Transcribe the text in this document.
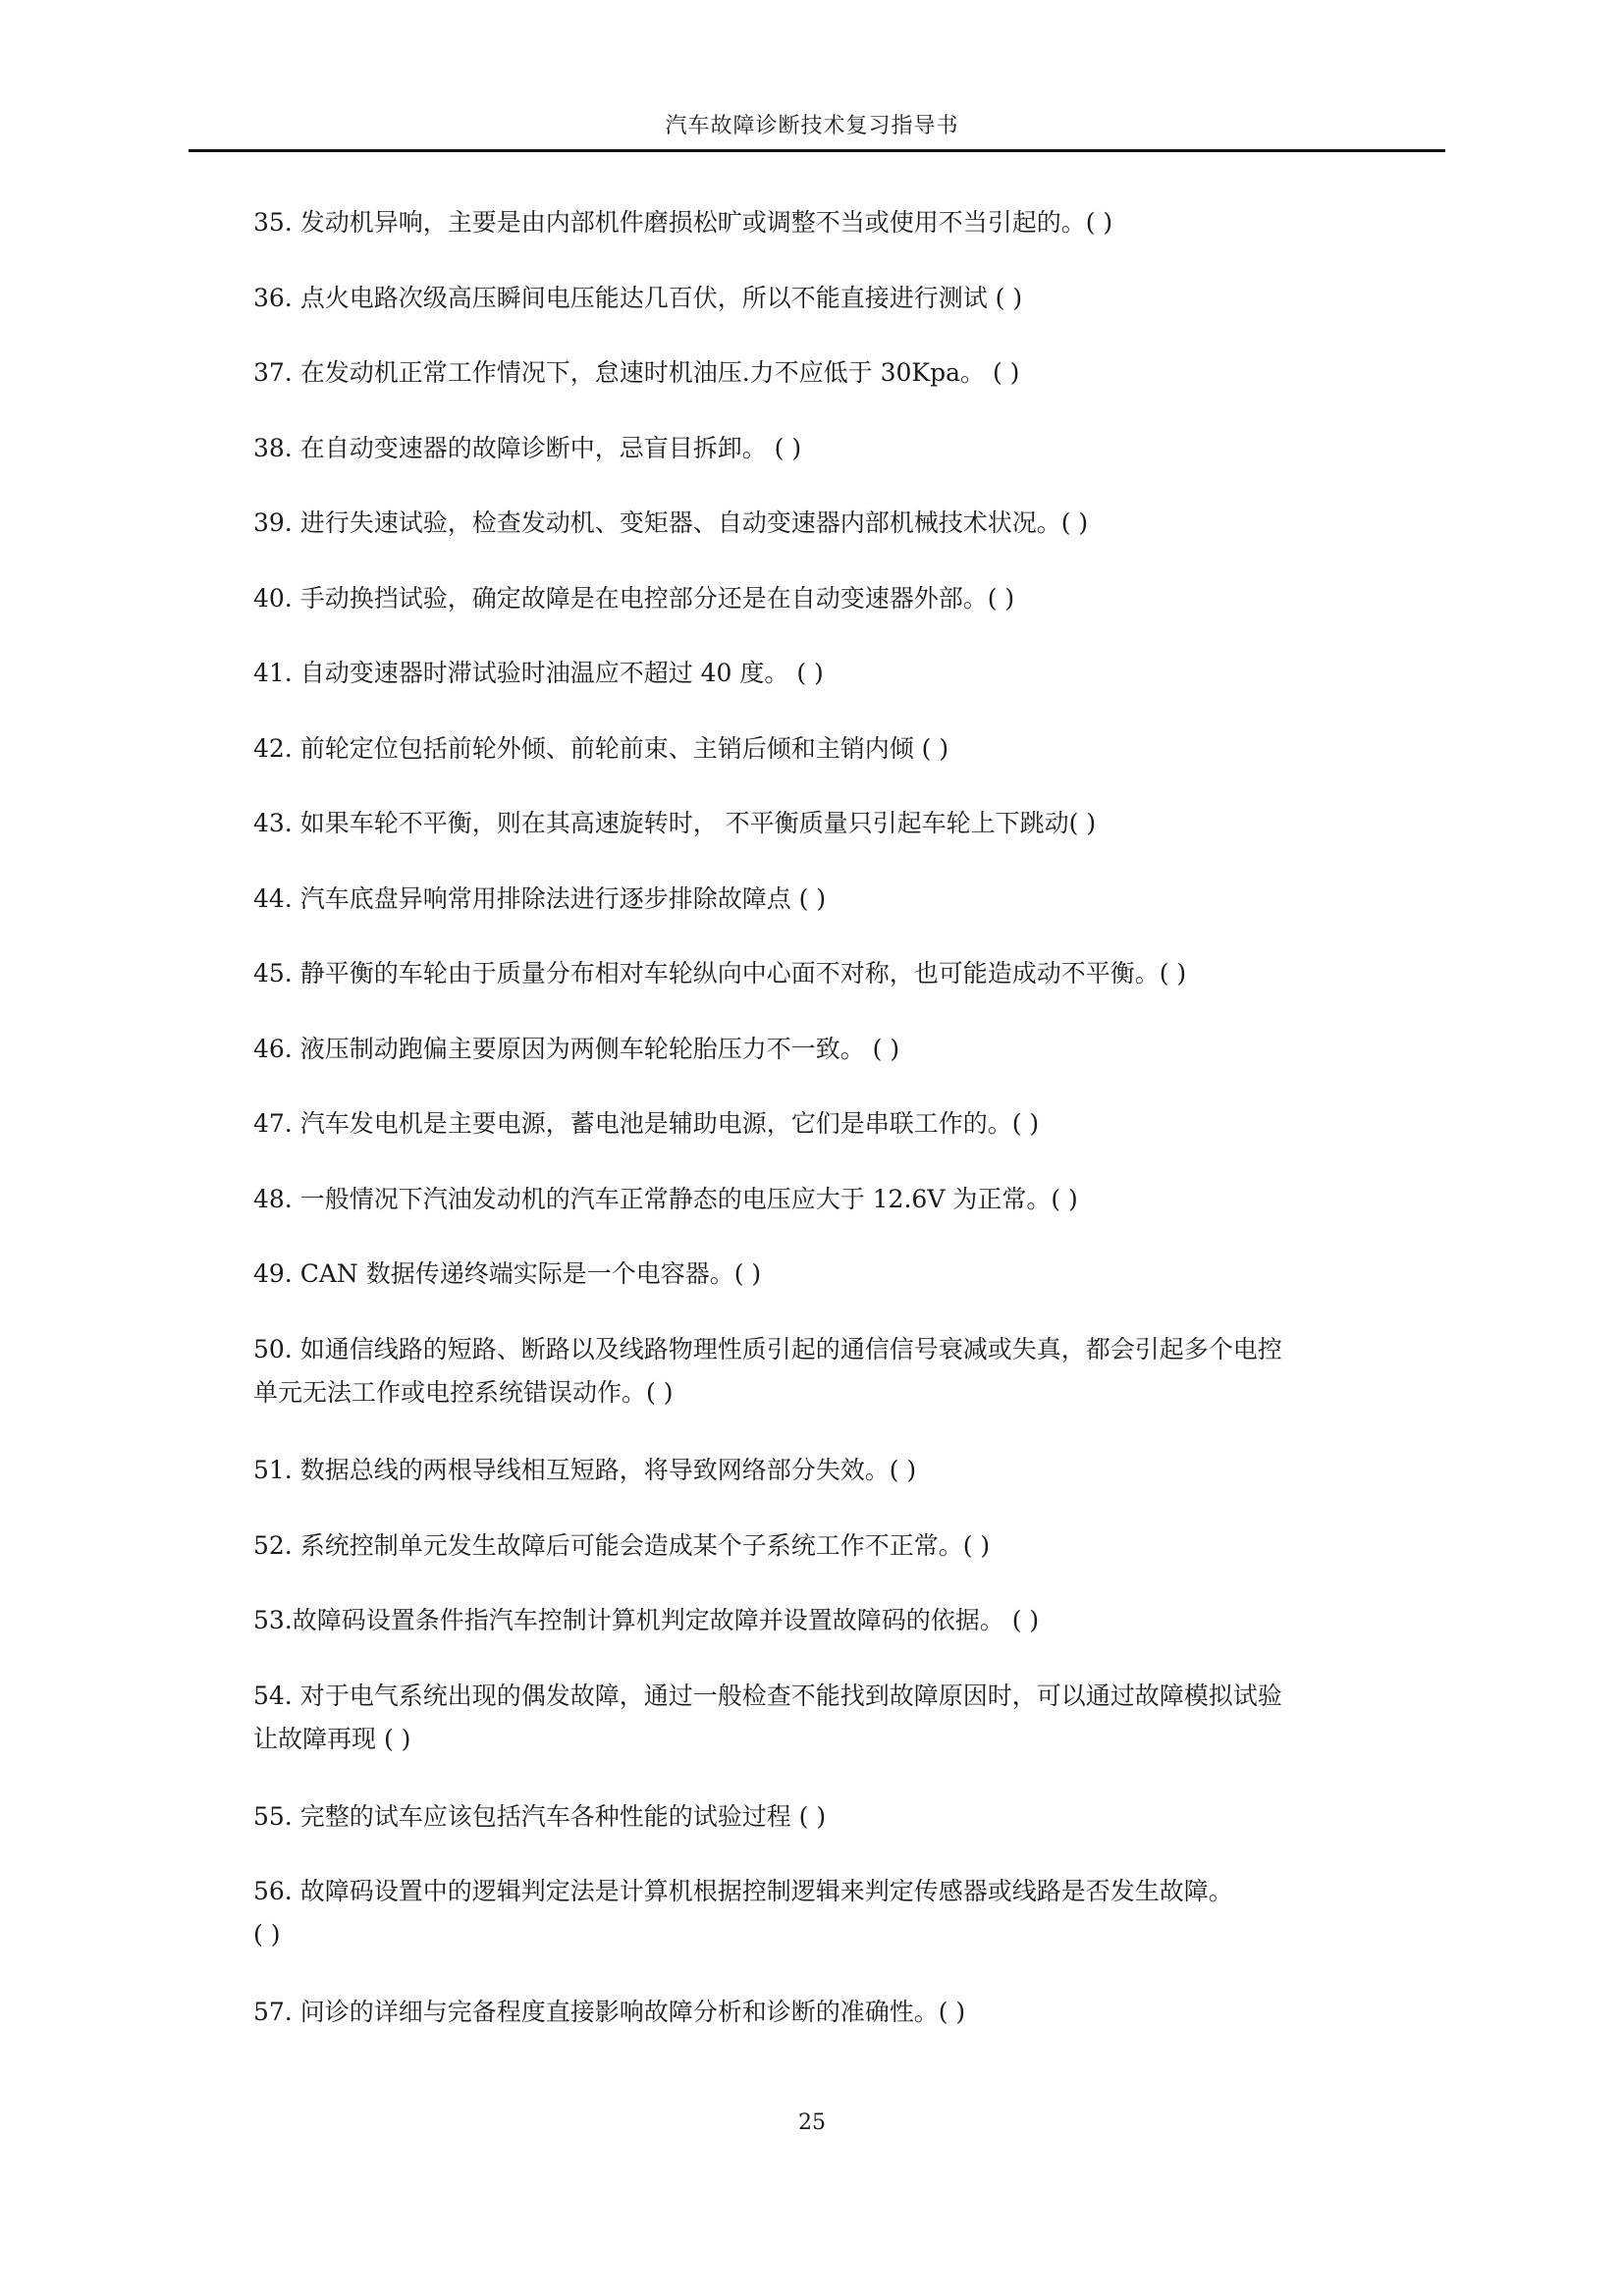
汽车故障诊断技术复习指导书
35. 发动机异响，主要是由内部机件磨损松旷或调整不当或使用不当引起的。( )
36. 点火电路次级高压瞬间电压能达几百伏，所以不能直接进行测试 ( )
37. 在发动机正常工作情况下，怠速时机油压.力不应低于 30Kpa。 ( )
38. 在自动变速器的故障诊断中，忌盲目拆卸。 ( )
39. 进行失速试验，检查发动机、变矩器、自动变速器内部机械技术状况。( )
40. 手动换挡试验，确定故障是在电控部分还是在自动变速器外部。( )
41. 自动变速器时滞试验时油温应不超过 40 度。 ( )
42. 前轮定位包括前轮外倾、前轮前束、主销后倾和主销内倾 ( )
43. 如果车轮不平衡，则在其高速旋转时， 不平衡质量只引起车轮上下跳动( )
44. 汽车底盘异响常用排除法进行逐步排除故障点 ( )
45. 静平衡的车轮由于质量分布相对车轮纵向中心面不对称，也可能造成动不平衡。( )
46. 液压制动跑偏主要原因为两侧车轮轮胎压力不一致。 ( )
47. 汽车发电机是主要电源，蓄电池是辅助电源，它们是串联工作的。( )
48. 一般情况下汽油发动机的汽车正常静态的电压应大于 12.6V 为正常。( )
49. CAN 数据传递终端实际是一个电容器。( )
50. 如通信线路的短路、断路以及线路物理性质引起的通信信号衰减或失真，都会引起多个电控
单元无法工作或电控系统错误动作。( )
51. 数据总线的两根导线相互短路，将导致网络部分失效。( )
52. 系统控制单元发生故障后可能会造成某个子系统工作不正常。( )
53.故障码设置条件指汽车控制计算机判定故障并设置故障码的依据。 ( )
54. 对于电气系统出现的偶发故障，通过一般检查不能找到故障原因时，可以通过故障模拟试验
让故障再现 ( )
55. 完整的试车应该包括汽车各种性能的试验过程 ( )
56. 故障码设置中的逻辑判定法是计算机根据控制逻辑来判定传感器或线路是否发生故障。
( )
57. 问诊的详细与完备程度直接影响故障分析和诊断的准确性。( )
25
